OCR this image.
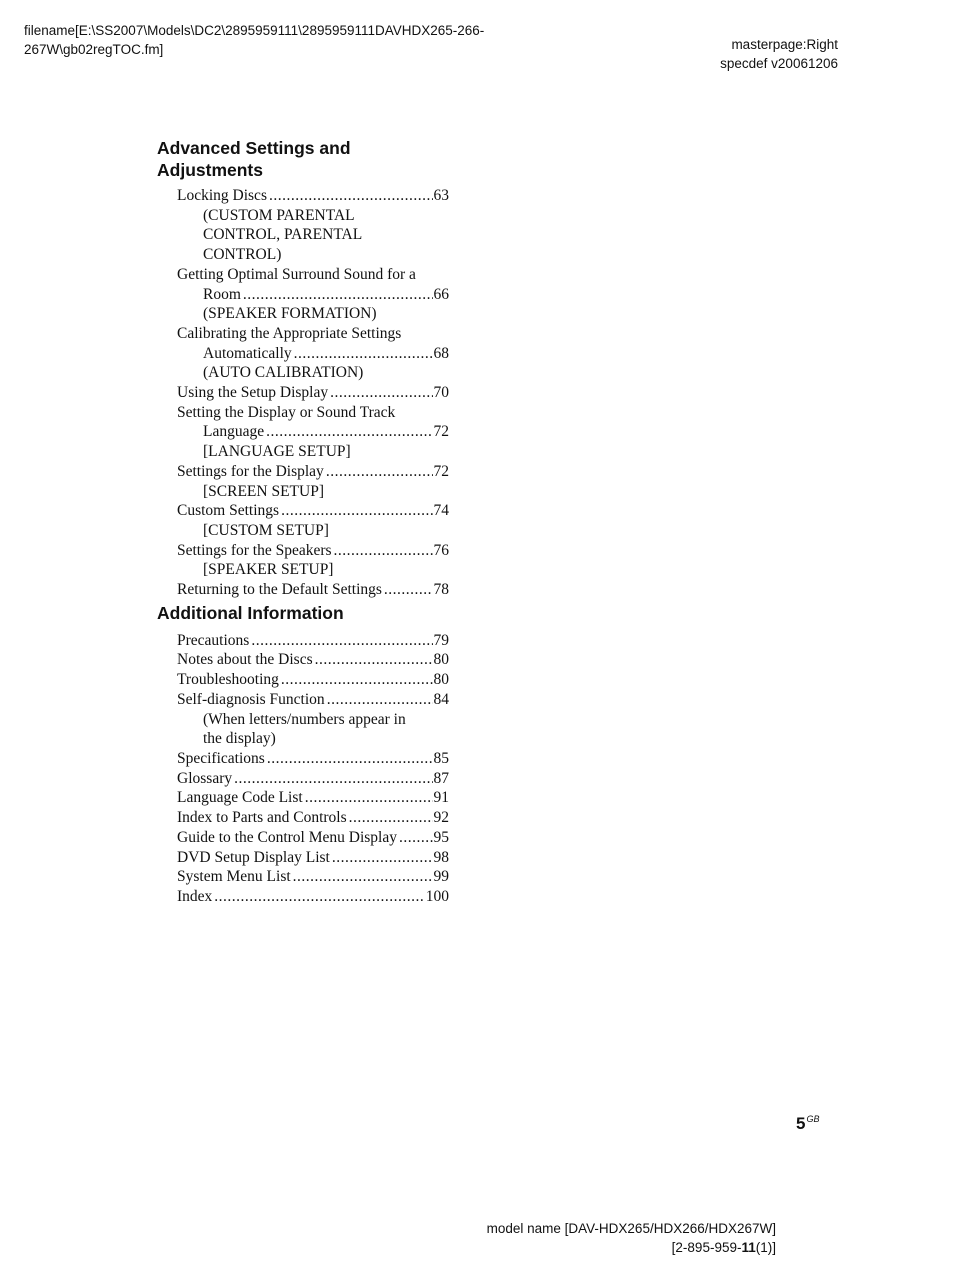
filename[E:\SS2007\Models\DC2\2895959111\2895959111DAVHDX265-266-
267W\gb02regTOC.fm]	masterpage:Right
specdef v20061206
Advanced Settings and
Adjustments
Locking Discs .....	63
(CUSTOM PARENTAL
CONTROL, PARENTAL
CONTROL)
Getting Optimal Surround Sound for a
Room .....	66
(SPEAKER FORMATION)
Calibrating the Appropriate Settings
Automatically .....	68
(AUTO CALIBRATION)
Using the Setup Display .....	70
Setting the Display or Sound Track
Language .....	72
[LANGUAGE SETUP]
Settings for the Display .....	72
[SCREEN SETUP]
Custom Settings .....	74
[CUSTOM SETUP]
Settings for the Speakers .....	76
[SPEAKER SETUP]
Returning to the Default Settings .....	78
Additional Information
Precautions .....	79
Notes about the Discs .....	80
Troubleshooting .....	80
Self-diagnosis Function .....	84
(When letters/numbers appear in
the display)
Specifications .....	85
Glossary .....	87
Language Code List .....	91
Index to Parts and Controls .....	92
Guide to the Control Menu Display ..... 95
DVD Setup Display List .....	98
System Menu List .....	99
Index .....	100
$5^{GB}$
model name [DAV-HDX265/HDX266/HDX267W]
[2-895-959-11(1)]
